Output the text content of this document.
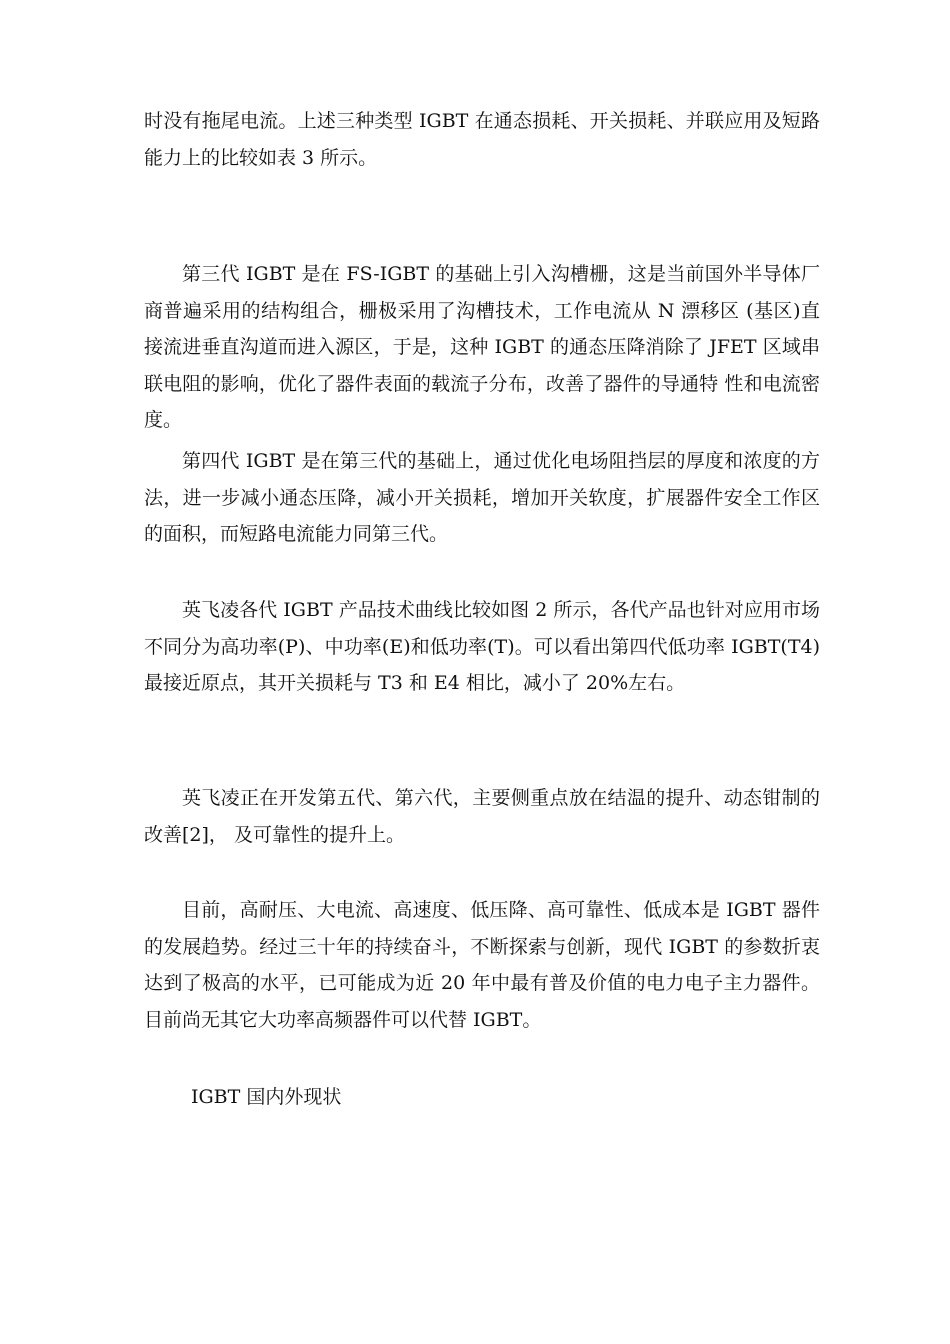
时没有拖尾电流。上述三种类型 IGBT 在通态损耗、开关损耗、并联应用及短路能力上的比较如表 3 所示。

第三代 IGBT 是在 FS-IGBT 的基础上引入沟槽栅，这是当前国外半导体厂商普遍采用的结构组合，栅极采用了沟槽技术，工作电流从 N 漂移区 (基区)直接流进垂直沟道而进入源区，于是，这种 IGBT 的通态压降消除了 JFET 区域串联电阻的影响，优化了器件表面的载流子分布，改善了器件的导通特 性和电流密度。

第四代 IGBT 是在第三代的基础上，通过优化电场阻挡层的厚度和浓度的方法，进一步减小通态压降，减小开关损耗，增加开关软度，扩展器件安全工作区的面积，而短路电流能力同第三代。

英飞凌各代 IGBT 产品技术曲线比较如图 2 所示，各代产品也针对应用市场不同分为高功率(P)、中功率(E)和低功率(T)。可以看出第四代低功率 IGBT(T4)最接近原点，其开关损耗与 T3 和 E4 相比，减小了 20%左右。

英飞凌正在开发第五代、第六代，主要侧重点放在结温的提升、动态钳制的改善[2]， 及可靠性的提升上。

目前，高耐压、大电流、高速度、低压降、高可靠性、低成本是 IGBT 器件的发展趋势。经过三十年的持续奋斗，不断探索与创新，现代 IGBT 的参数折衷达到了极高的水平，已可能成为近 20 年中最有普及价值的电力电子主力器件。目前尚无其它大功率高频器件可以代替 IGBT。

IGBT 国内外现状
